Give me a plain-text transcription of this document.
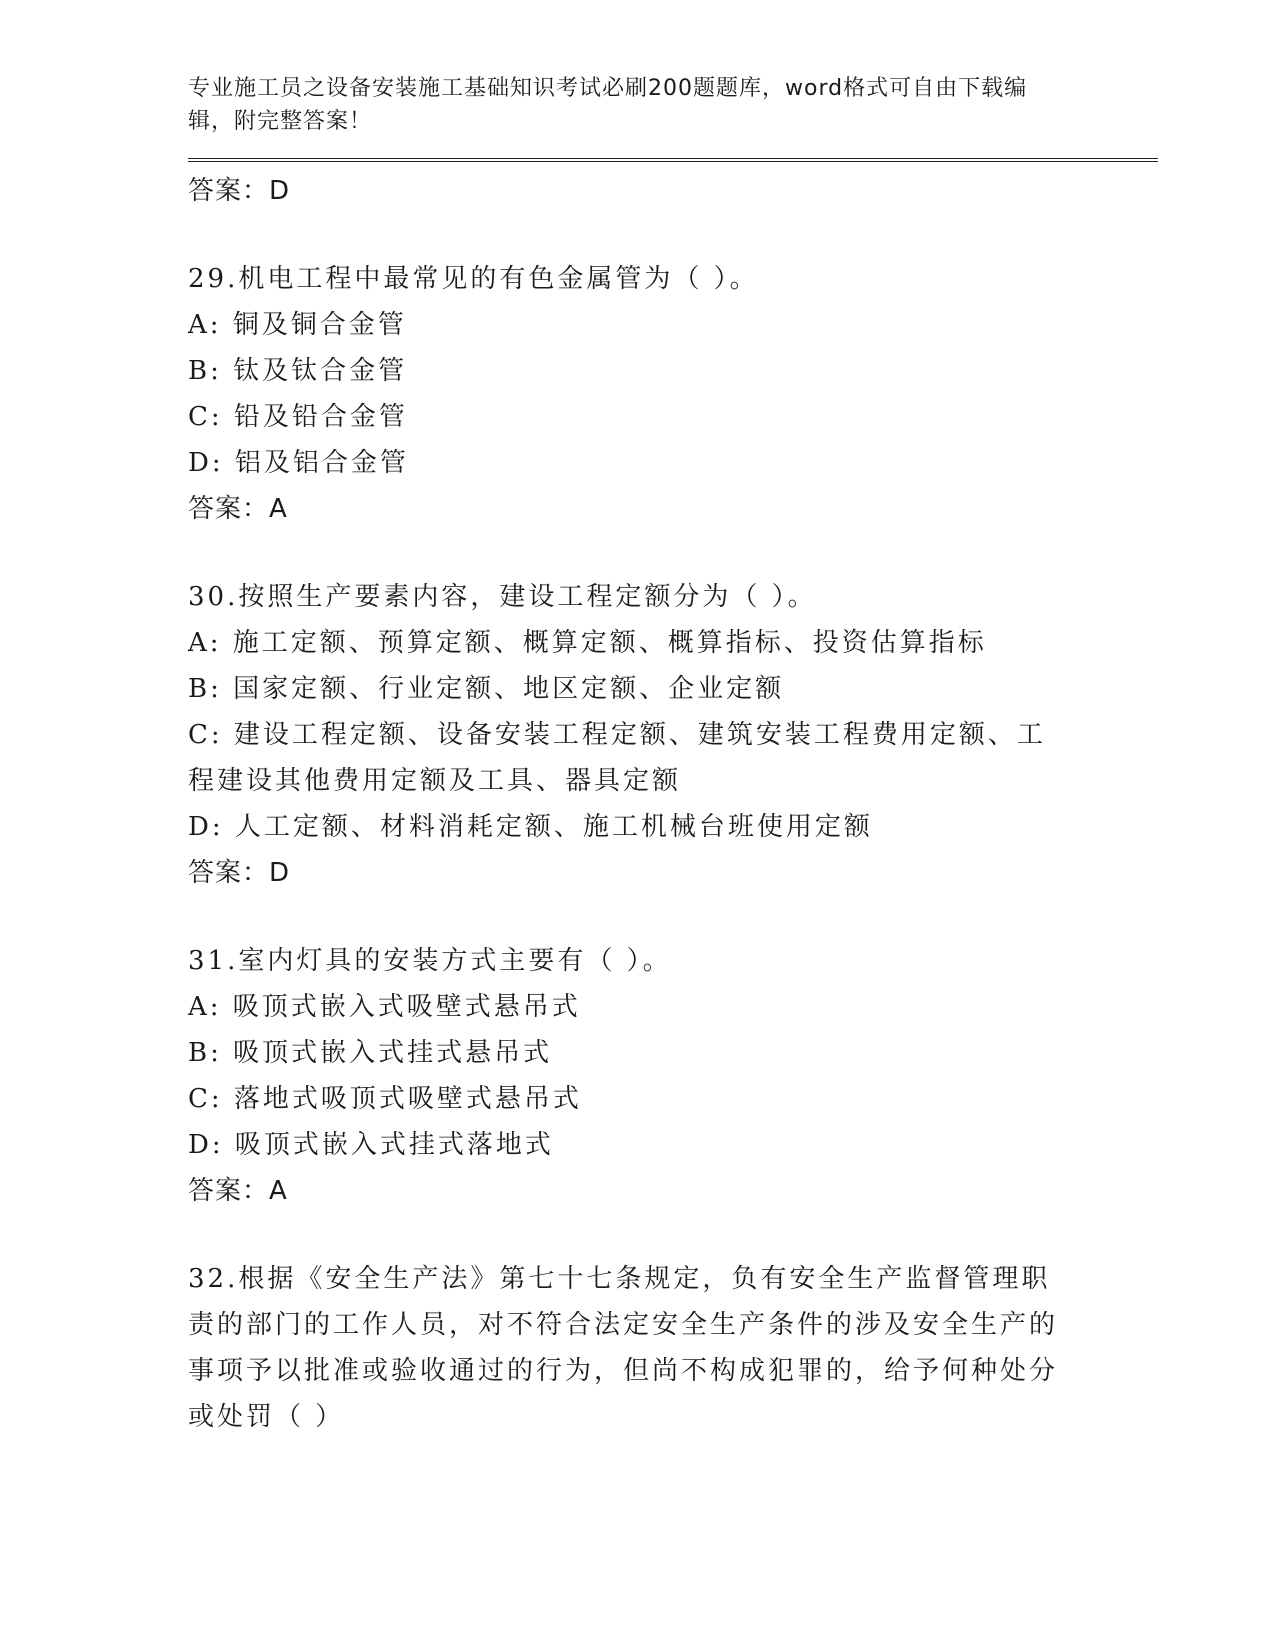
专业施工员之设备安装施工基础知识考试必刷200题题库，word格式可自由下载编辑，附完整答案！

答案：D

29.机电工程中最常见的有色金属管为（ ）。

A: 铜及铜合金管

B: 钛及钛合金管

C: 铅及铅合金管

D: 铝及铝合金管

答案：A

30.按照生产要素内容，建设工程定额分为（ ）。

A: 施工定额、预算定额、概算定额、概算指标、投资估算指标

B: 国家定额、行业定额、地区定额、企业定额

C: 建设工程定额、设备安装工程定额、建筑安装工程费用定额、工程建设其他费用定额及工具、器具定额

D: 人工定额、材料消耗定额、施工机械台班使用定额

答案：D

31.室内灯具的安装方式主要有（ ）。

A: 吸顶式嵌入式吸壁式悬吊式

B: 吸顶式嵌入式挂式悬吊式

C: 落地式吸顶式吸壁式悬吊式

D: 吸顶式嵌入式挂式落地式

答案：A

32.根据《安全生产法》第七十七条规定，负有安全生产监督管理职责的部门的工作人员，对不符合法定安全生产条件的涉及安全生产的事项予以批准或验收通过的行为，但尚不构成犯罪的，给予何种处分或处罚（ ）
